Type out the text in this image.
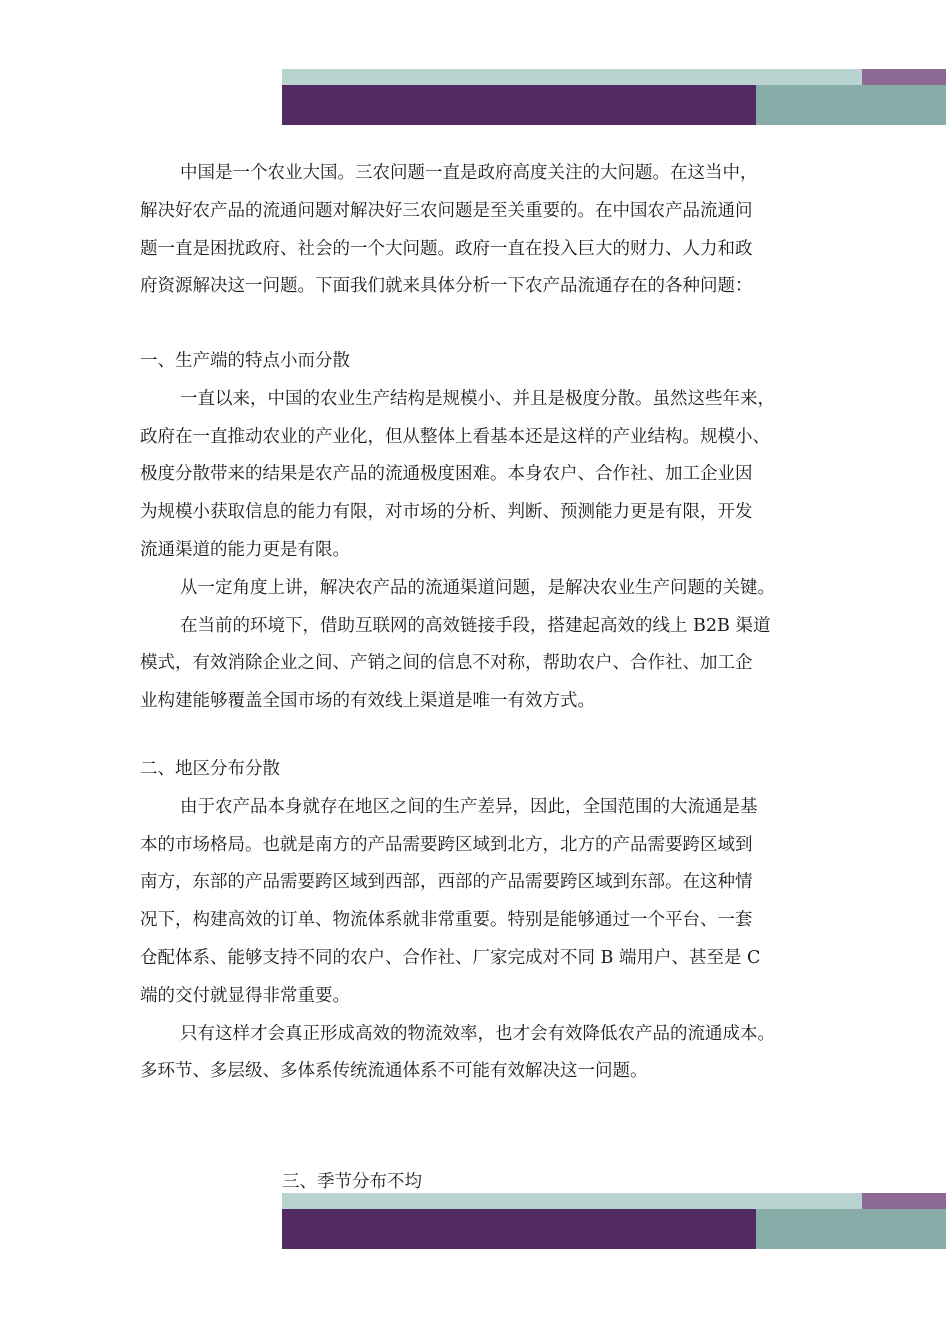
中国是一个农业大国。三农问题一直是政府高度关注的大问题。在这当中，
解决好农产品的流通问题对解决好三农问题是至关重要的。在中国农产品流通问
题一直是困扰政府、社会的一个大问题。政府一直在投入巨大的财力、人力和政
府资源解决这一问题。下面我们就来具体分析一下农产品流通存在的各种问题：
一、生产端的特点小而分散
一直以来，中国的农业生产结构是规模小、并且是极度分散。虽然这些年来，
政府在一直推动农业的产业化，但从整体上看基本还是这样的产业结构。规模小、
极度分散带来的结果是农产品的流通极度困难。本身农户、合作社、加工企业因
为规模小获取信息的能力有限，对市场的分析、判断、预测能力更是有限，开发
流通渠道的能力更是有限。
从一定角度上讲，解决农产品的流通渠道问题，是解决农业生产问题的关键。
在当前的环境下，借助互联网的高效链接手段，搭建起高效的线上 B2B 渠道
模式，有效消除企业之间、产销之间的信息不对称，帮助农户、合作社、加工企
业构建能够覆盖全国市场的有效线上渠道是唯一有效方式。
二、地区分布分散
由于农产品本身就存在地区之间的生产差异，因此，全国范围的大流通是基
本的市场格局。也就是南方的产品需要跨区域到北方，北方的产品需要跨区域到
南方，东部的产品需要跨区域到西部，西部的产品需要跨区域到东部。在这种情
况下，构建高效的订单、物流体系就非常重要。特别是能够通过一个平台、一套
仓配体系、能够支持不同的农户、合作社、厂家完成对不同 B 端用户、甚至是 C
端的交付就显得非常重要。
只有这样才会真正形成高效的物流效率，也才会有效降低农产品的流通成本。
多环节、多层级、多体系传统流通体系不可能有效解决这一问题。
三、季节分布不均
